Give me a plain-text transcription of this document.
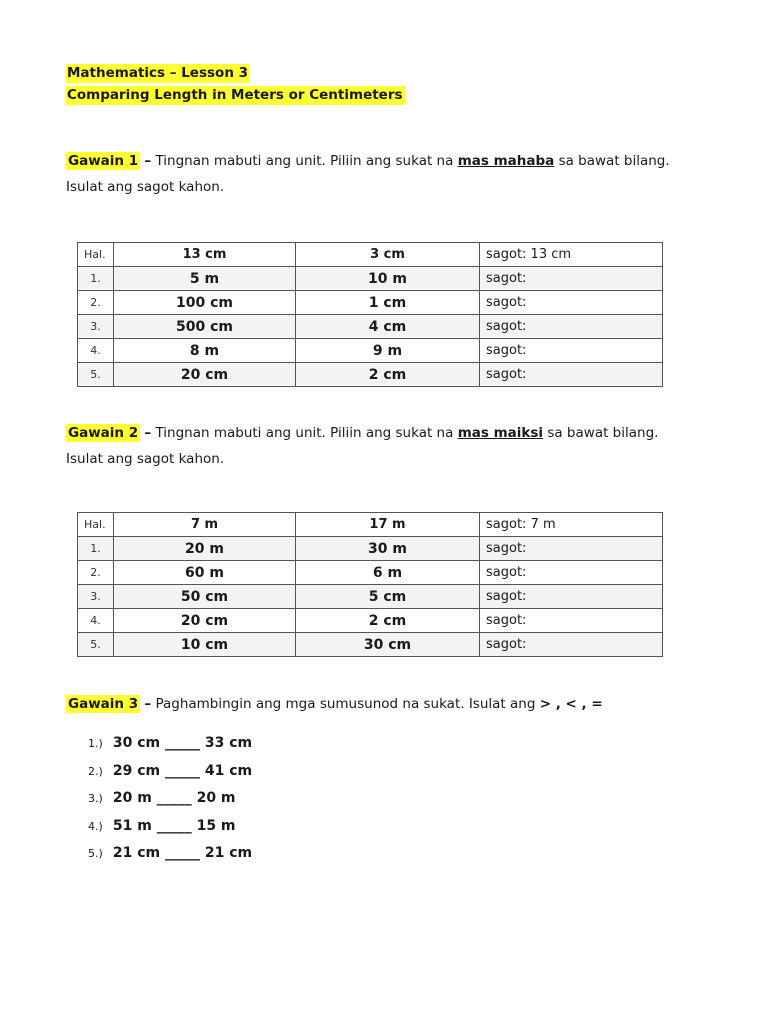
Mathematics – Lesson 3
Comparing Length in Meters or Centimeters
Gawain 1 – Tingnan mabuti ang unit. Piliin ang sukat na mas mahaba sa bawat bilang. Isulat ang sagot kahon.
Hal.	13 cm	3 cm	sagot: 13 cm
1.	5 m	10 m	sagot:
2.	100 cm	1 cm	sagot:
3.	500 cm	4 cm	sagot:
4.	8 m	9 m	sagot:
5.	20 cm	2 cm	sagot:
Gawain 2 – Tingnan mabuti ang unit. Piliin ang sukat na mas maiksi sa bawat bilang. Isulat ang sagot kahon.
Hal.	7 m	17 m	sagot: 7 m
1.	20 m	30 m	sagot:
2.	60 m	6 m	sagot:
3.	50 cm	5 cm	sagot:
4.	20 cm	2 cm	sagot:
5.	10 cm	30 cm	sagot:
Gawain 3 – Paghambingin ang mga sumusunod na sukat. Isulat ang > , < , =
1.) 30 cm _____ 33 cm
2.) 29 cm _____ 41 cm
3.) 20 m _____ 20 m
4.) 51 m _____ 15 m
5.) 21 cm _____ 21 cm
